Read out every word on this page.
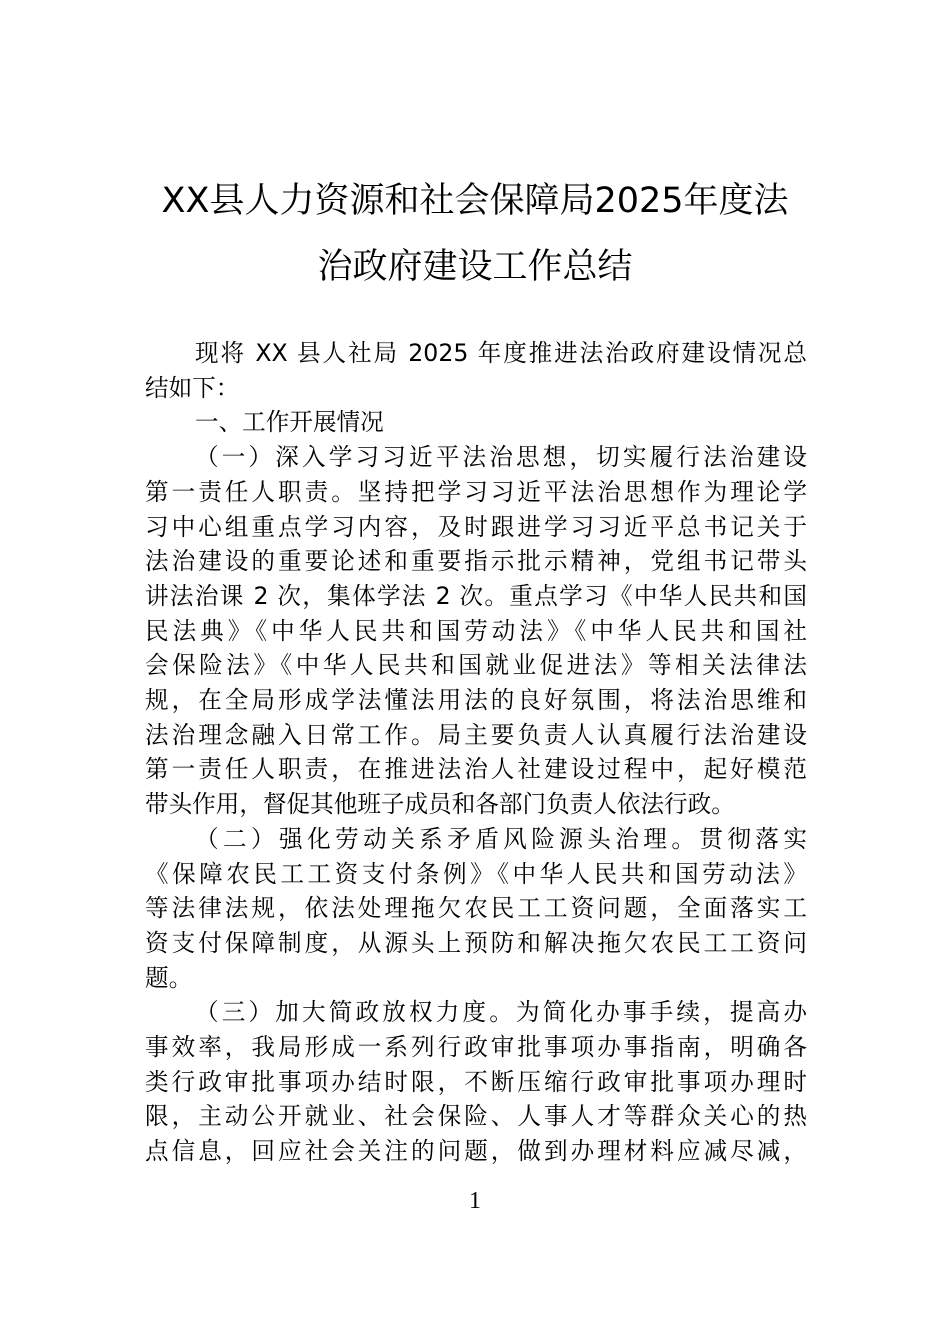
XX县人力资源和社会保障局2025年度法
治政府建设工作总结
现将 XX 县人社局 2025 年度推进法治政府建设情况总
结如下：
一、工作开展情况
（一）深入学习习近平法治思想，切实履行法治建设
第一责任人职责。坚持把学习习近平法治思想作为理论学
习中心组重点学习内容，及时跟进学习习近平总书记关于
法治建设的重要论述和重要指示批示精神，党组书记带头
讲法治课 2 次，集体学法 2 次。重点学习《中华人民共和国
民法典》《中华人民共和国劳动法》《中华人民共和国社
会保险法》《中华人民共和国就业促进法》等相关法律法
规，在全局形成学法懂法用法的良好氛围，将法治思维和
法治理念融入日常工作。局主要负责人认真履行法治建设
第一责任人职责，在推进法治人社建设过程中，起好模范
带头作用，督促其他班子成员和各部门负责人依法行政。
（二）强化劳动关系矛盾风险源头治理。贯彻落实
《保障农民工工资支付条例》《中华人民共和国劳动法》
等法律法规，依法处理拖欠农民工工资问题，全面落实工
资支付保障制度，从源头上预防和解决拖欠农民工工资问
题。
（三）加大简政放权力度。为简化办事手续，提高办
事效率，我局形成一系列行政审批事项办事指南，明确各
类行政审批事项办结时限，不断压缩行政审批事项办理时
限，主动公开就业、社会保险、人事人才等群众关心的热
点信息，回应社会关注的问题，做到办理材料应减尽减，
1
